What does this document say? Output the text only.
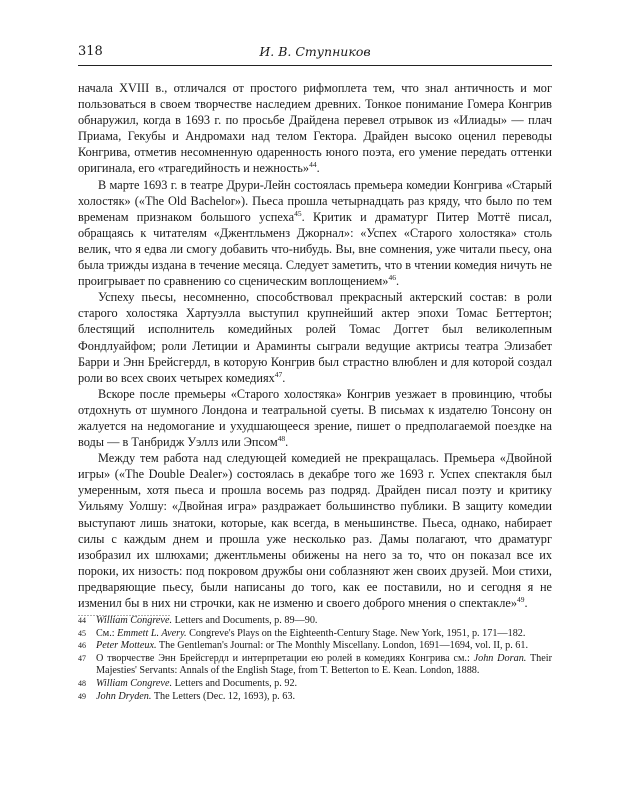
318	И. В. Ступников

начала XVIII в., отличался от простого рифмоплета тем, что знал античность и мог пользоваться в своем творчестве наследием древних. Тонкое понимание Гомера Конгрив обнаружил, когда в 1693 г. по просьбе Драйдена перевел отрывок из «Илиады» — плач Приама, Гекубы и Андромахи над телом Гектора. Драйден высоко оценил переводы Конгрива, отметив несомненную одаренность юного поэта, его умение передать оттенки оригинала, его «трагедийность и нежность»$^{44}$.

В марте 1693 г. в театре Друри-Лейн состоялась премьера комедии Конгрива «Старый холостяк» («The Old Bachelor»). Пьеса прошла четырнадцать раз кряду, что было по тем временам признаком большого успеха$^{45}$. Критик и драматург Питер Моттё писал, обращаясь к читателям «Джентльменз Джорнал»: «Успех «Старого холостяка» столь велик, что я едва ли смогу добавить что-нибудь. Вы, вне сомнения, уже читали пьесу, она была трижды издана в течение месяца. Следует заметить, что в чтении комедия ничуть не проигрывает по сравнению со сценическим воплощением»$^{46}$.

Успеху пьесы, несомненно, способствовал прекрасный актерский состав: в роли старого холостяка Хартуэлла выступил крупнейший актер эпохи Томас Беттертон; блестящий исполнитель комедийных ролей Томас Доггет был великолепным Фондлуайфом; роли Летиции и Араминты сыграли ведущие актрисы театра Элизабет Барри и Энн Брейсгердл, в которую Конгрив был страстно влюблен и для которой создал роли во всех своих четырех комедиях$^{47}$.

Вскоре после премьеры «Старого холостяка» Конгрив уезжает в провинцию, чтобы отдохнуть от шумного Лондона и театральной суеты. В письмах к издателю Тонсону он жалуется на недомогание и ухудшающееся зрение, пишет о предполагаемой поездке на воды — в Танбридж Уэллз или Эпсом$^{48}$.

Между тем работа над следующей комедией не прекращалась. Премьера «Двойной игры» («The Double Dealer») состоялась в декабре того же 1693 г. Успех спектакля был умеренным, хотя пьеса и прошла восемь раз подряд. Драйден писал поэту и критику Уильяму Уолшу: «Двойная игра» раздражает большинство публики. В защиту комедии выступают лишь знатоки, которые, как всегда, в меньшинстве. Пьеса, однако, набирает силы с каждым днем и прошла уже несколько раз. Дамы полагают, что драматург изобразил их шлюхами; джентльмены обижены на него за то, что он показал все их пороки, их низость: под покровом дружбы они соблазняют жен своих друзей. Мои стихи, предваряющие пьесу, были написаны до того, как ее поставили, но и сегодня я не изменил бы в них ни строчки, как не изменю и своего доброго мнения о спектакле»$^{49}$.

...............................
44 William Congreve. Letters and Documents, p. 89—90.
45 См.: Emmett L. Avery. Congreve's Plays on the Eighteenth-Century Stage. New York, 1951, p. 171—182.
46 Peter Motteux. The Gentleman's Journal: or The Monthly Miscellany. London, 1691—1694, vol. II, p. 61.
47 О творчестве Энн Брейсгердл и интерпретации ею ролей в комедиях Конгрива см.: John Doran. Their Majesties' Servants: Annals of the English Stage, from T. Betterton to E. Kean. London, 1888.
48 William Congreve. Letters and Documents, p. 92.
49 John Dryden. The Letters (Dec. 12, 1693), p. 63.
